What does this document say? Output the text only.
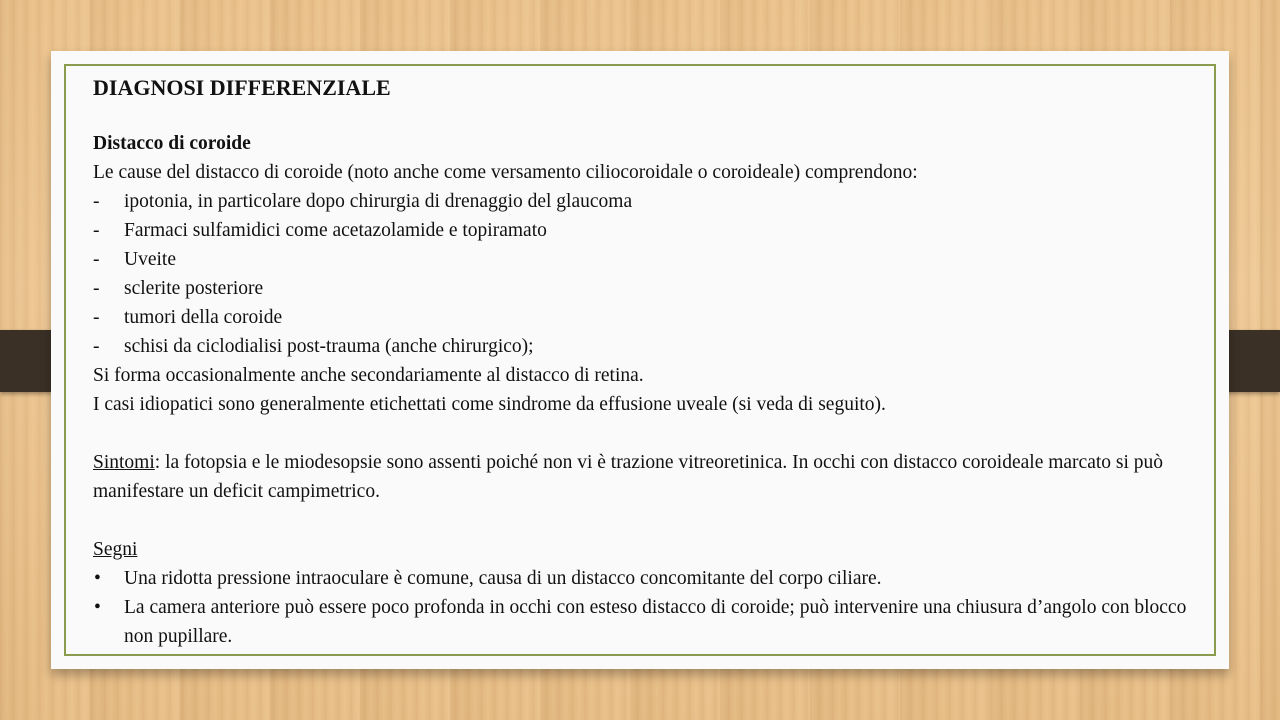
DIAGNOSI DIFFERENZIALE

Distacco di coroide

Le cause del distacco di coroide (noto anche come versamento ciliocoroidale o coroideale) comprendono:

- ipotonia, in particolare dopo chirurgia di drenaggio del glaucoma

- Farmaci sulfamidici come acetazolamide e topiramato

- Uveite

- sclerite posteriore

- tumori della coroide

- schisi da ciclodialisi post-trauma (anche chirurgico);

Si forma occasionalmente anche secondariamente al distacco di retina.

I casi idiopatici sono generalmente etichettati come sindrome da effusione uveale (si veda di seguito).

Sintomi: la fotopsia e le miodesopsie sono assenti poiché non vi è trazione vitreoretinica. In occhi con distacco coroideale marcato si può manifestare un deficit campimetrico.

Segni

• Una ridotta pressione intraoculare è comune, causa di un distacco concomitante del corpo ciliare.

• La camera anteriore può essere poco profonda in occhi con esteso distacco di coroide; può intervenire una chiusura d’angolo con blocco non pupillare.
